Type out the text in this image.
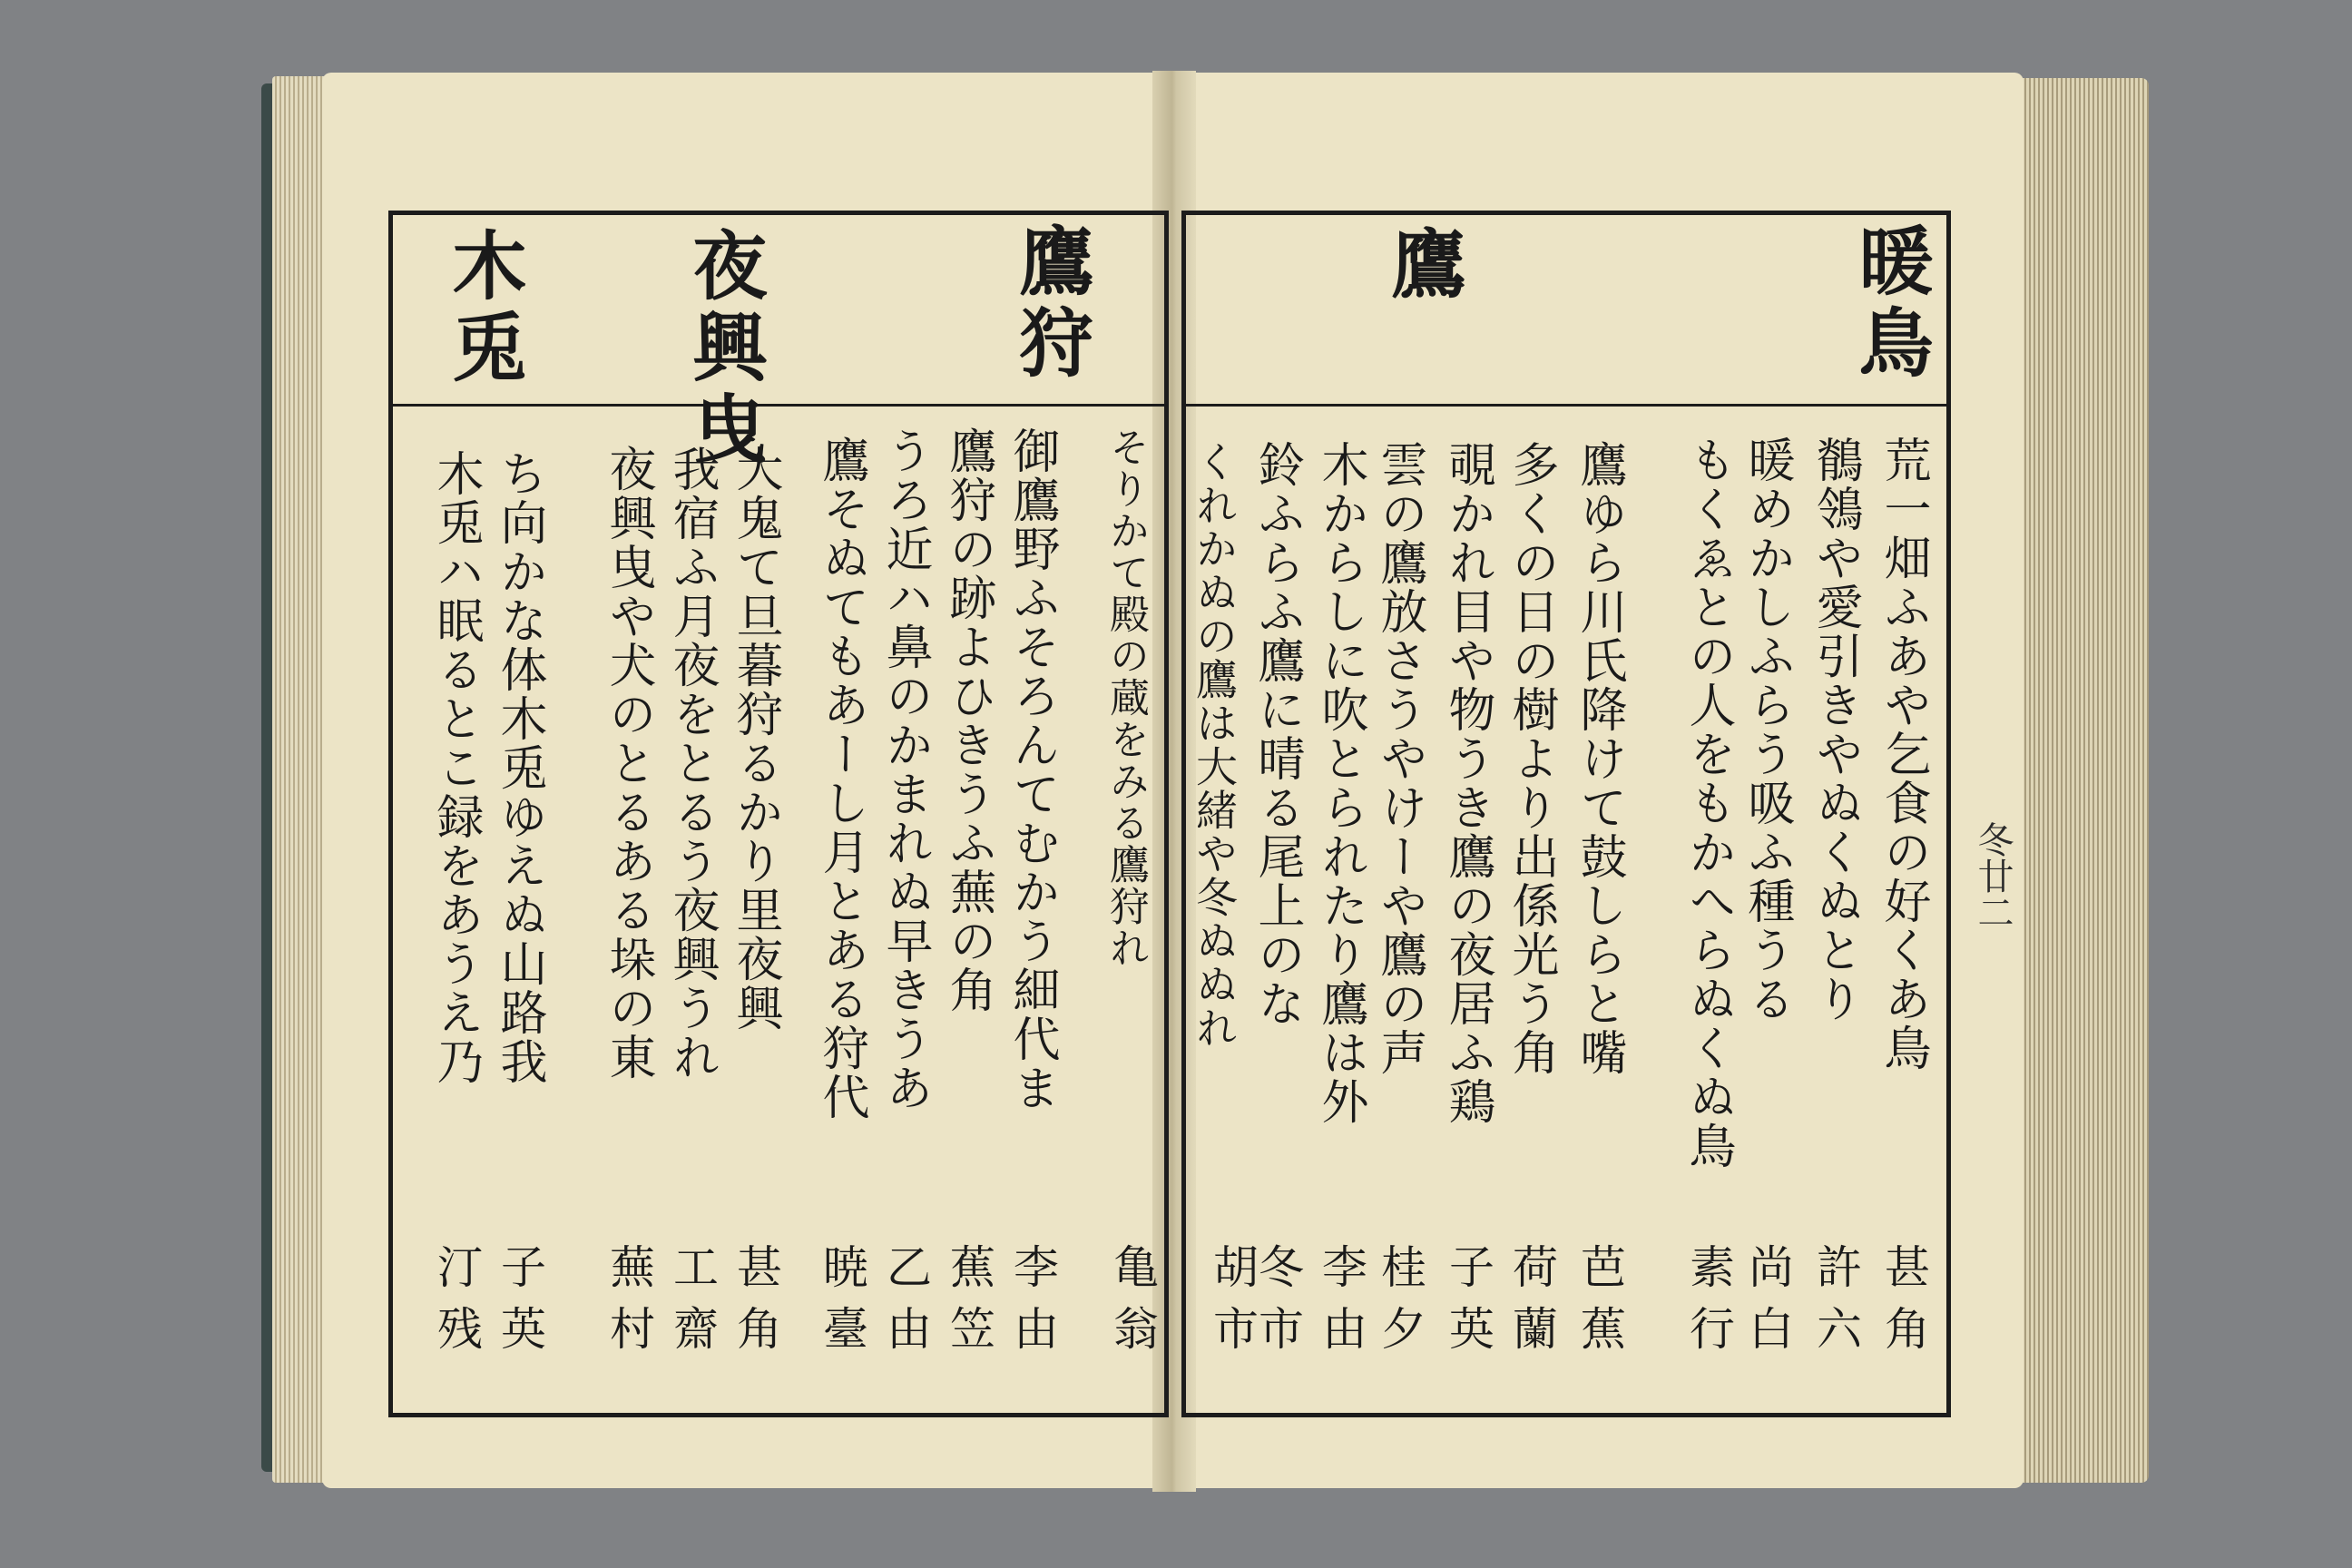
暖鳥
鷹
鷹狩
夜興曳
木兎
荒一畑ふあや乞食の好くあ鳥
甚角
鶺鴒や愛引きやぬくぬとり
許六
暖めかしふらう吸ふ種うる
尚白
もくゑとの人をもかへらぬくぬ鳥
素行
鷹ゆら川氏降けて鼓しらと嘴
芭蕉
多くの日の樹より出係光う角
荷蘭
覗かれ目や物うき鷹の夜居ふ鶏
子英
雲の鷹放さうやけーや鷹の声
桂夕
木からしに吹とられたり鷹は外
李由
鈴ふらふ鷹に晴る尾上のな
冬市
くれかぬの鷹は大緒や冬ぬぬれ
胡市
冬廿二
そりかて殿の蔵をみる鷹狩れ
亀翁
御鷹野ふそろんてむかう細代ま
李由
鷹狩の跡よひきうふ蕪の角
蕉笠
うろ近ハ鼻のかまれぬ早きうあ
乙由
鷹そぬてもあーし月とある狩代
暁臺
大鬼て旦暮狩るかり里夜興
甚角
我宿ふ月夜をとるう夜興うれ
工齋
夜興曳や犬のとるある垛の東
蕪村
ち向かな体木兎ゆえぬ山路我
子英
木兎ハ眠るとこ録をあうえ乃
汀残
